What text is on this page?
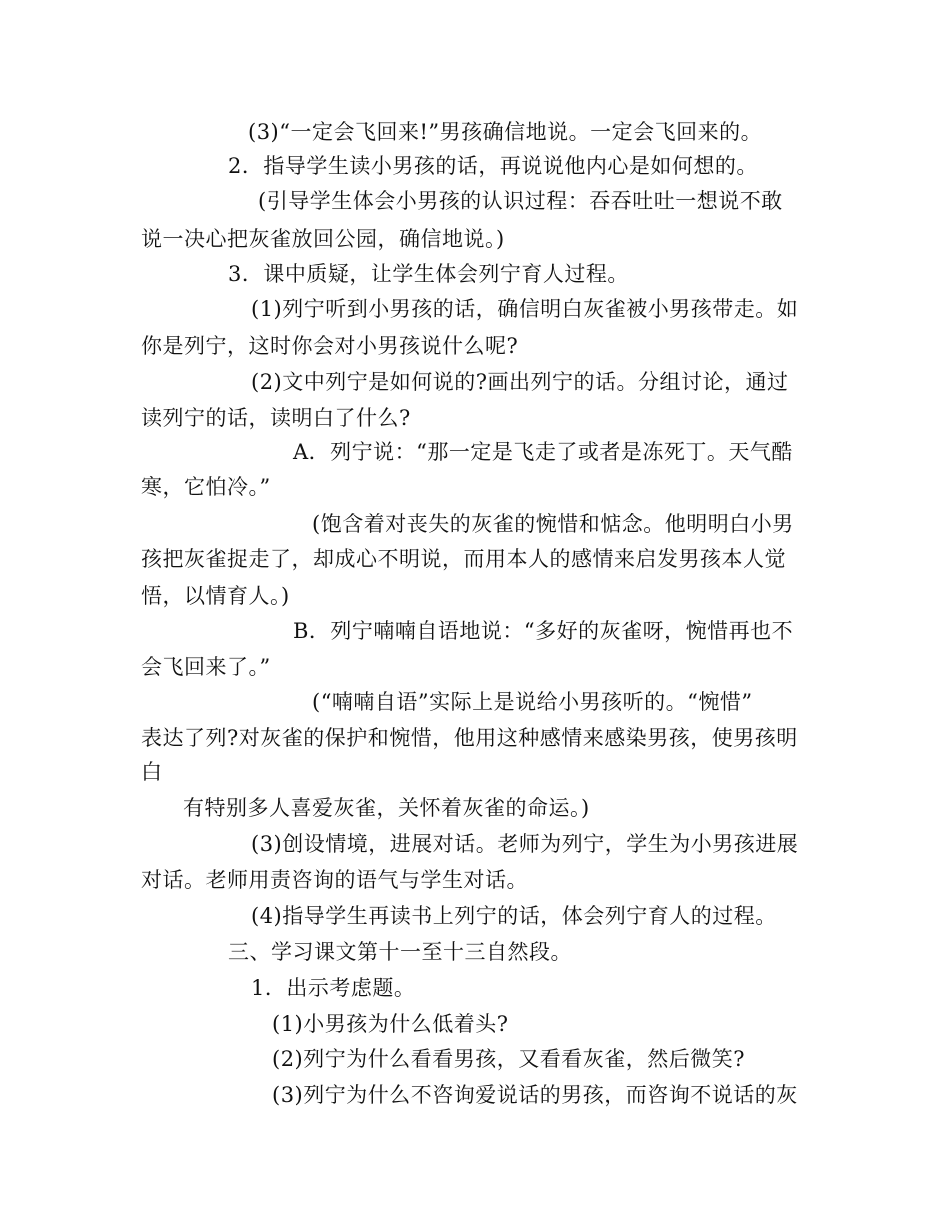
(3)“一定会飞回来!”男孩确信地说。一定会飞回来的。

2．指导学生读小男孩的话，再说说他内心是如何想的。

(引导学生体会小男孩的认识过程：吞吞吐吐一想说不敢

说一决心把灰雀放回公园，确信地说。)

3．课中质疑，让学生体会列宁育人过程。

(1)列宁听到小男孩的话，确信明白灰雀被小男孩带走。如

你是列宁，这时你会对小男孩说什么呢?

(2)文中列宁是如何说的?画出列宁的话。分组讨论，通过

读列宁的话，读明白了什么?

A．列宁说：“那一定是飞走了或者是冻死丁。天气酷

寒，它怕冷。”

(饱含着对丧失的灰雀的惋惜和惦念。他明明白小男

孩把灰雀捉走了，却成心不明说，而用本人的感情来启发男孩本人觉

悟，以情育人。)

B．列宁喃喃自语地说：“多好的灰雀呀，惋惜再也不

会飞回来了。”

(“喃喃自语”实际上是说给小男孩听的。“惋惜”

表达了列?对灰雀的保护和惋惜，他用这种感情来感染男孩，使男孩明

白

有特别多人喜爱灰雀，关怀着灰雀的命运。)

(3)创设情境，进展对话。老师为列宁，学生为小男孩进展

对话。老师用责咨询的语气与学生对话。

(4)指导学生再读书上列宁的话，体会列宁育人的过程。

三、学习课文第十一至十三自然段。

1．出示考虑题。

(1)小男孩为什么低着头?

(2)列宁为什么看看男孩，又看看灰雀，然后微笑?

(3)列宁为什么不咨询爱说话的男孩，而咨询不说话的灰
